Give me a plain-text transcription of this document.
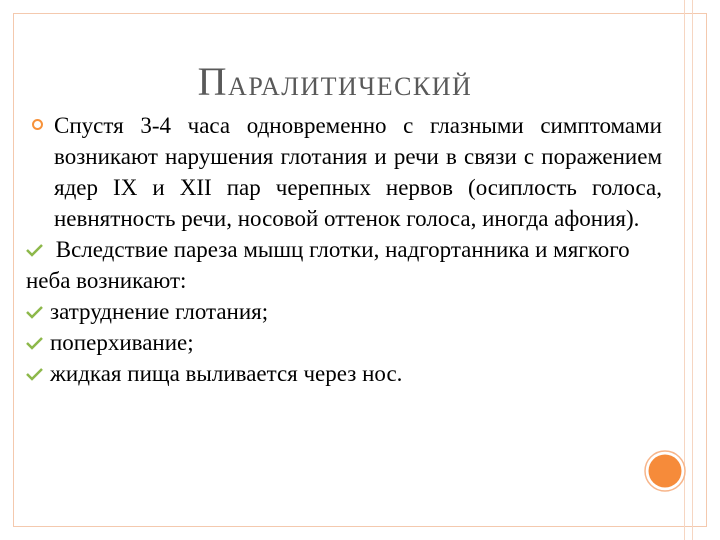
ПАРАЛИТИЧЕСКИЙ
Спустя 3-4 часа одновременно с глазными симптомами возникают нарушения глотания и речи в связи с поражением ядер IX и XII пар черепных нервов (осиплость голоса, невнятность речи, носовой оттенок голоса, иногда афония).
Вследствие пареза мышц глотки, надгортанника и мягкого неба возникают:
затруднение глотания;
поперхивание;
жидкая пища выливается через нос.
